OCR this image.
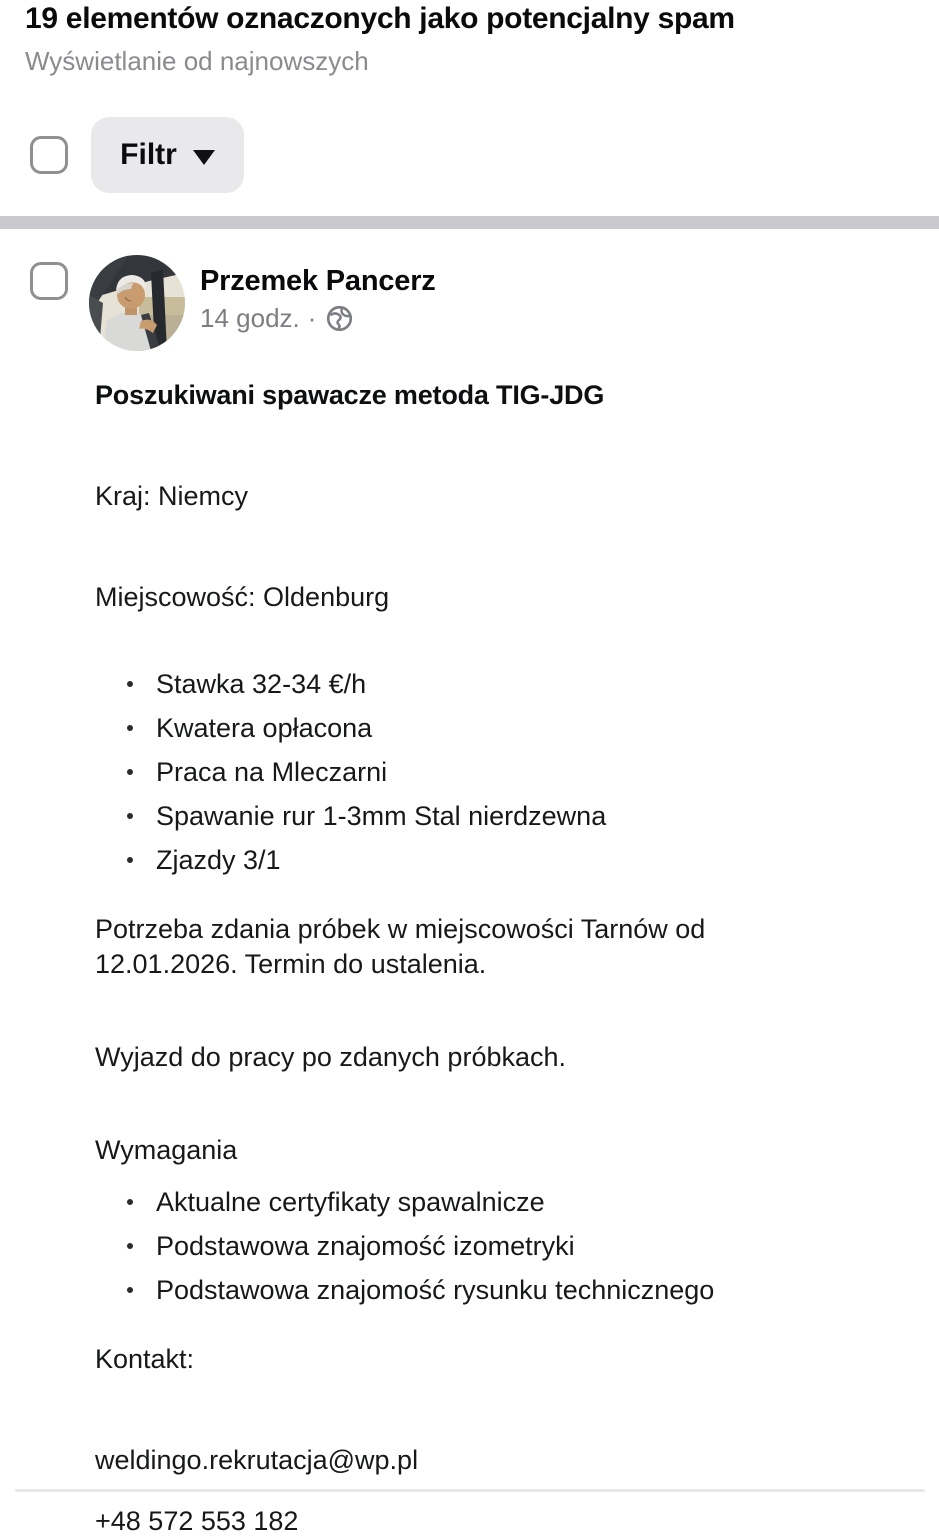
19 elementów oznaczonych jako potencjalny spam
Wyświetlanie od najnowszych
Filtr
Przemek Pancerz
14 godz. ·
Poszukiwani spawacze metoda TIG-JDG

Kraj: Niemcy

Miejscowość: Oldenburg

Stawka 32-34 €/h
Kwatera opłacona
Praca na Mleczarni
Spawanie rur 1-3mm Stal nierdzewna
Zjazdy 3/1

Potrzeba zdania próbek w miejscowości Tarnów od 12.01.2026. Termin do ustalenia.

Wyjazd do pracy po zdanych próbkach.

Wymagania

Aktualne certyfikaty spawalnicze
Podstawowa znajomość izometryki
Podstawowa znajomość rysunku technicznego

Kontakt:

weldingo.rekrutacja@wp.pl

+48 572 553 182
